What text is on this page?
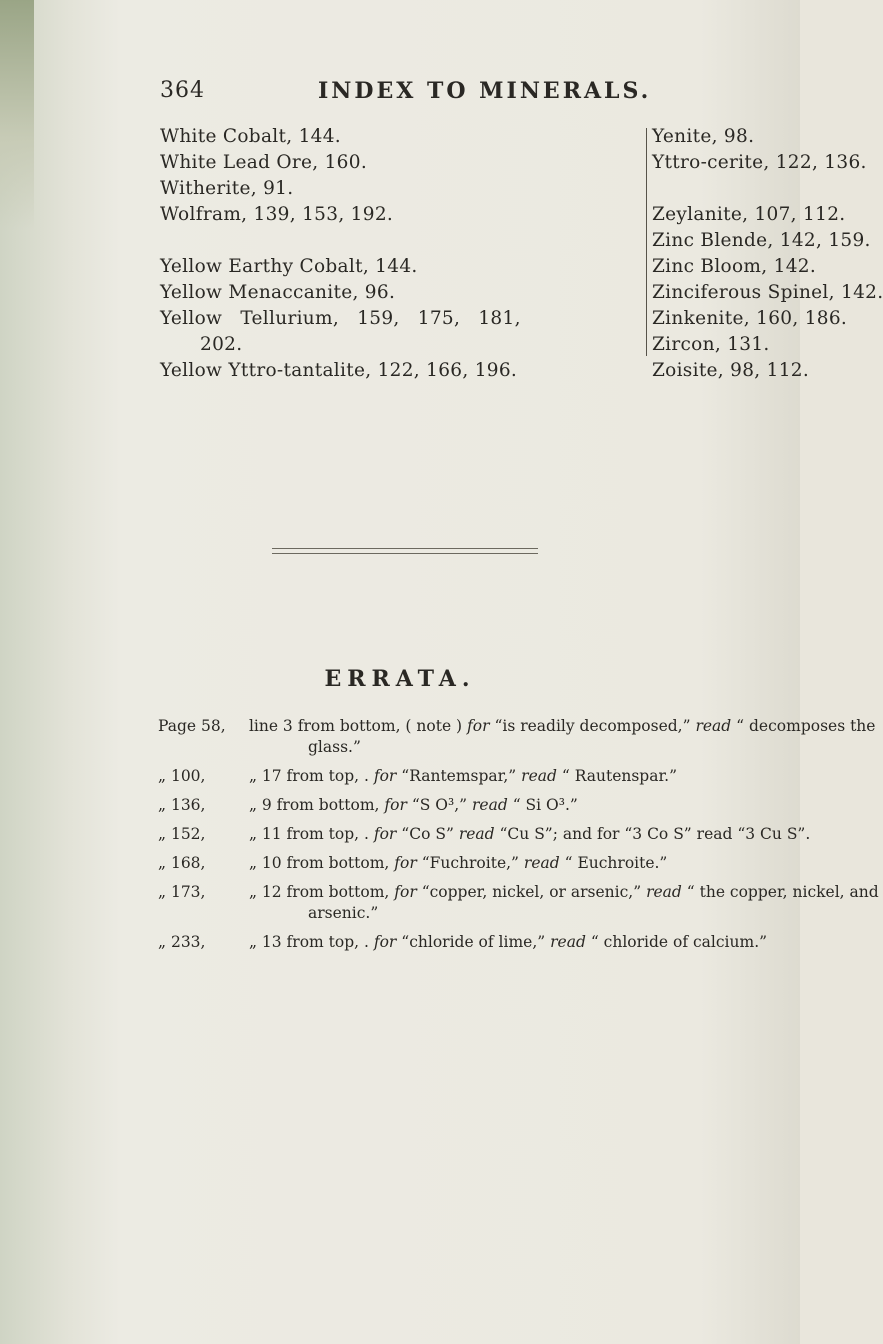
364	INDEX TO MINERALS.
White Cobalt, 144.
White Lead Ore, 160.
Witherite, 91.
Wolfram, 139, 153, 192.
Yellow Earthy Cobalt, 144.
Yellow Menaccanite, 96.
Yellow Tellurium, 159, 175, 181,
202.
Yellow Yttro-tantalite, 122, 166, 196.
Yenite, 98.
Yttro-cerite, 122, 136.
Zeylanite, 107, 112.
Zinc Blende, 142, 159.
Zinc Bloom, 142.
Zinciferous Spinel, 142.
Zinkenite, 160, 186.
Zircon, 131.
Zoisite, 98, 112.
ERRATA.
Page 58, line 3 from bottom, ( note ) for “is readily decomposed,” read “ decomposes the
glass.”
„ 100,	„ 17 from top, . for “Rantemspar,” read “ Rautenspar.”
„ 136,	„ 9 from bottom, for “S O³,” read “ Si O³.”
„ 152,	„ 11 from top, . for “Co S” read “Cu S”; and for “3 Co S” read “3 Cu S”.
„ 168,	„ 10 from bottom, for “Fuchroite,” read “ Euchroite.”
„ 173,	„ 12 from bottom, for “copper, nickel, or arsenic,” read “ the copper, nickel, and
arsenic.”
„ 233,	„ 13 from top, . for “chloride of lime,” read “ chloride of calcium.”
